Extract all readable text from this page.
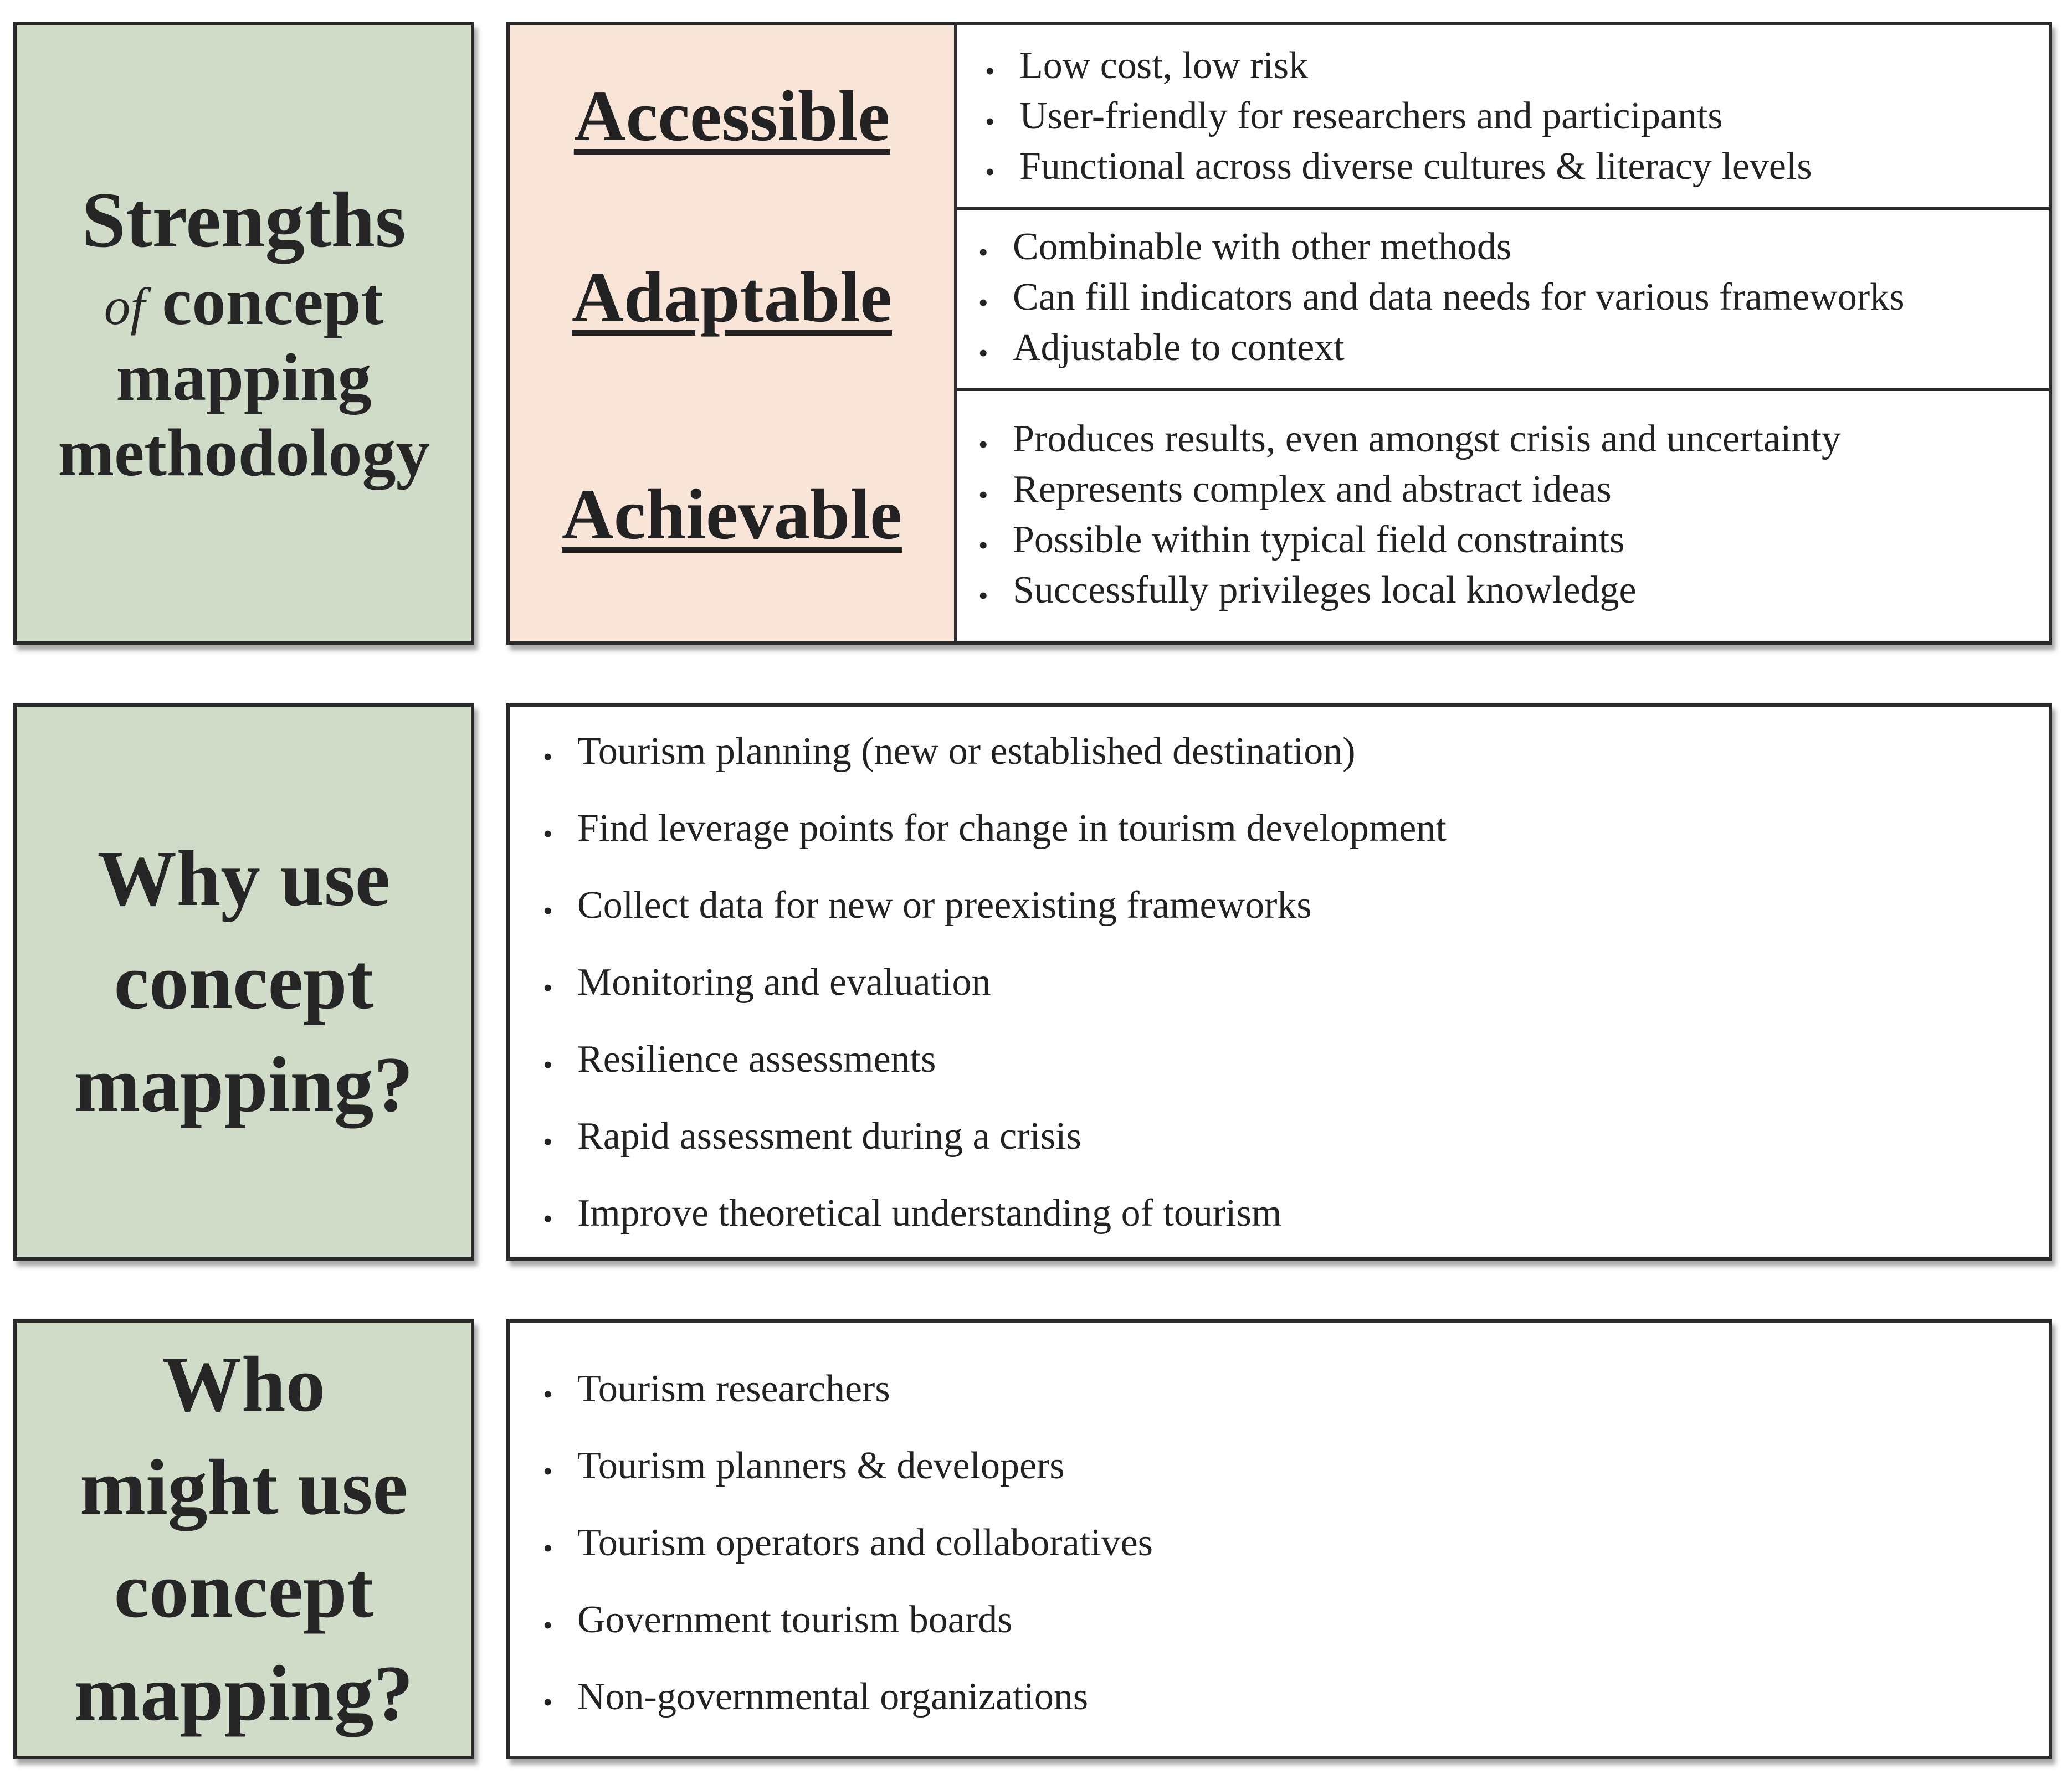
Strengths
of concept
mapping
methodology
Accessible
• Low cost, low risk
• User-friendly for researchers and participants
• Functional across diverse cultures & literacy levels
Adaptable
• Combinable with other methods
• Can fill indicators and data needs for various frameworks
• Adjustable to context
Achievable
• Produces results, even amongst crisis and uncertainty
• Represents complex and abstract ideas
• Possible within typical field constraints
• Successfully privileges local knowledge
Why use
concept
mapping?
• Tourism planning (new or established destination)
• Find leverage points for change in tourism development
• Collect data for new or preexisting frameworks
• Monitoring and evaluation
• Resilience assessments
• Rapid assessment during a crisis
• Improve theoretical understanding of tourism
Who
might use
concept
mapping?
• Tourism researchers
• Tourism planners & developers
• Tourism operators and collaboratives
• Government tourism boards
• Non-governmental organizations
